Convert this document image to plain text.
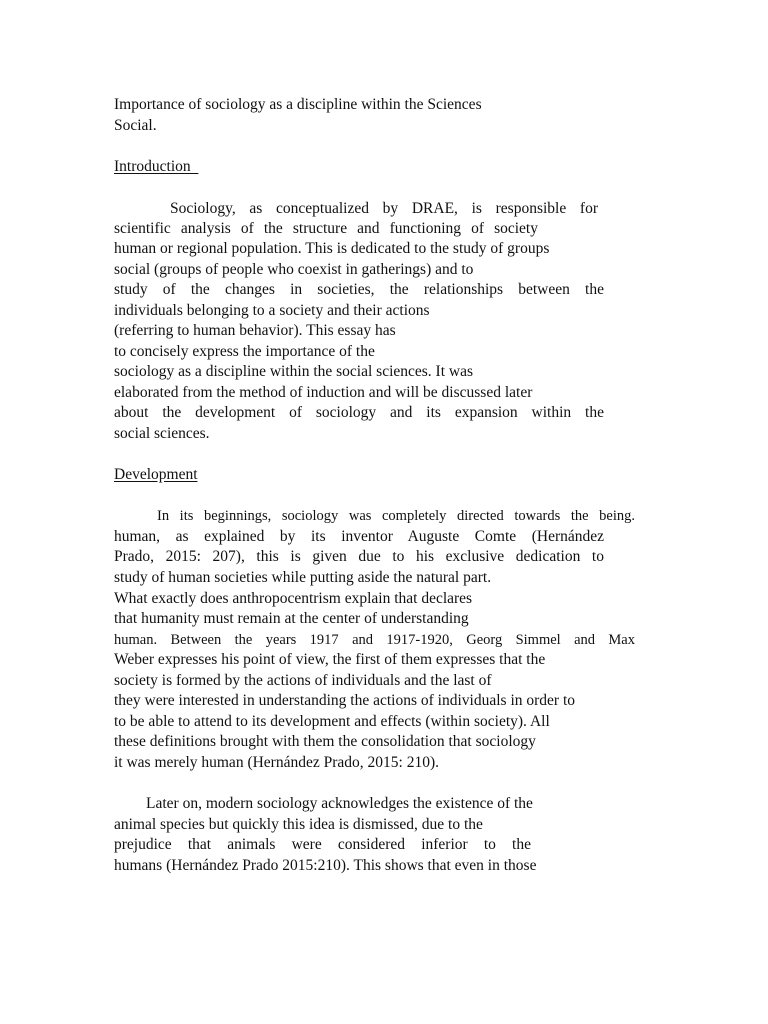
Importance of sociology as a discipline within the Sciences
Social.
Introduction
Sociology, as conceptualized by DRAE, is responsible for
scientific analysis of the structure and functioning of society
human or regional population. This is dedicated to the study of groups
social (groups of people who coexist in gatherings) and to
study of the changes in societies, the relationships between the
individuals belonging to a society and their actions
(referring to human behavior). This essay has
to concisely express the importance of the
sociology as a discipline within the social sciences. It was
elaborated from the method of induction and will be discussed later
about the development of sociology and its expansion within the
social sciences.
Development
In its beginnings, sociology was completely directed towards the being.
human, as explained by its inventor Auguste Comte (Hernández
Prado, 2015: 207), this is given due to his exclusive dedication to
study of human societies while putting aside the natural part.
What exactly does anthropocentrism explain that declares
that humanity must remain at the center of understanding
human. Between the years 1917 and 1917-1920, Georg Simmel and Max
Weber expresses his point of view, the first of them expresses that the
society is formed by the actions of individuals and the last of
they were interested in understanding the actions of individuals in order to
to be able to attend to its development and effects (within society). All
these definitions brought with them the consolidation that sociology
it was merely human (Hernández Prado, 2015: 210).
Later on, modern sociology acknowledges the existence of the
animal species but quickly this idea is dismissed, due to the
prejudice that animals were considered inferior to the
humans (Hernández Prado 2015:210). This shows that even in those
